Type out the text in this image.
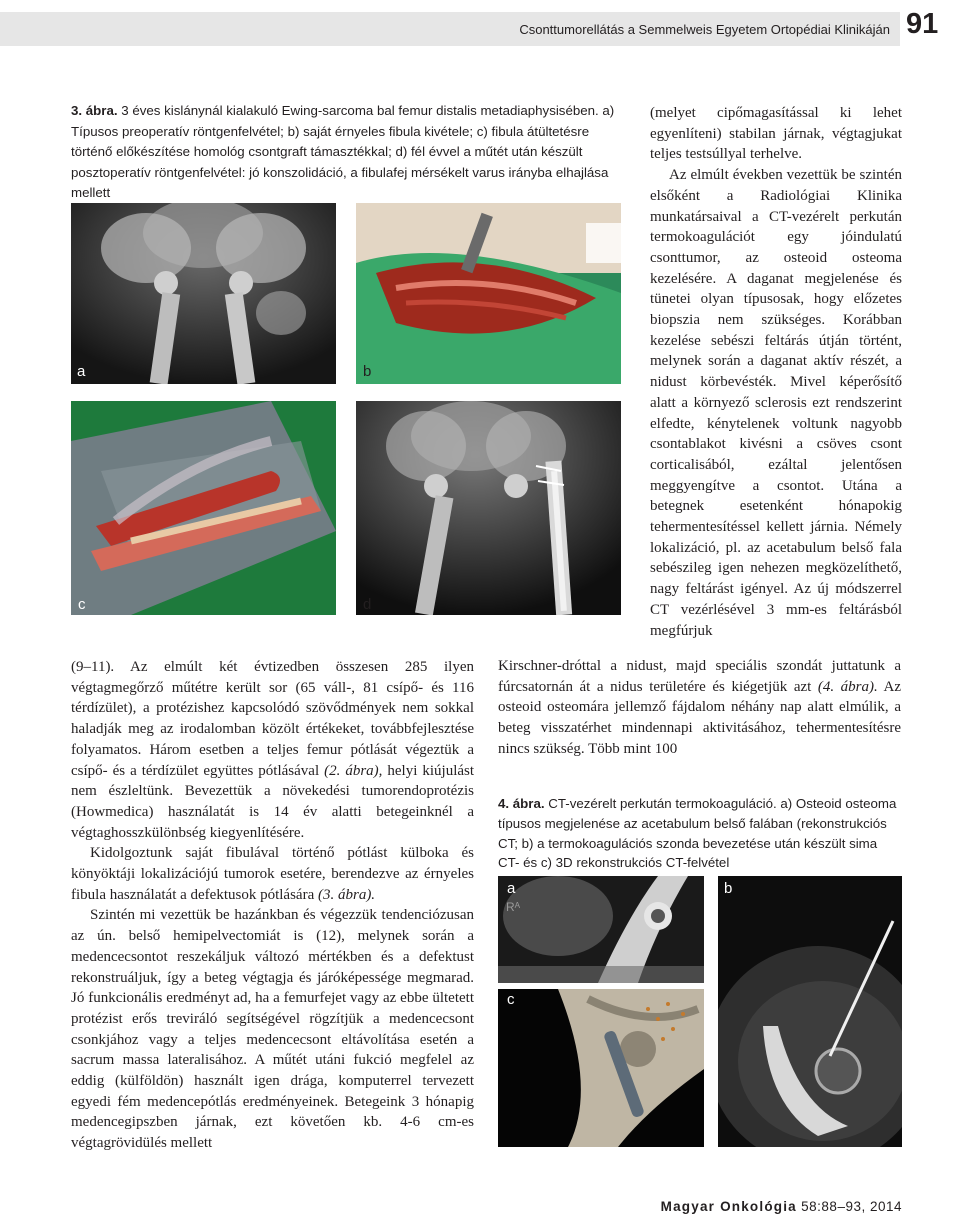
Csonttumorellátás a Semmelweis Egyetem Ortopédiai Klinikáján 91
3. ábra. 3 éves kislánynál kialakuló Ewing-sarcoma bal femur distalis metadiaphysisében. a) Típusos preoperatív röntgenfelvétel; b) saját érnyeles fibula kivétele; c) fibula átültetésre történő előkészítése homológ csontgraft támasztékkal; d) fél évvel a műtét után készült posztoperatív röntgenfelvétel: jó konszolidáció, a fibulafej mérsékelt varus irányba elhajlása mellett
a	b
c	d

(9–11). Az elmúlt két évtizedben összesen 285 ilyen végtagmegőrző műtétre került sor (65 váll-, 81 csípő- és 116 térdízület), a protézishez kapcsolódó szövődmények nem sokkal haladják meg az irodalomban közölt értékeket, továbbfejlesztése folyamatos. Három esetben a teljes femur pótlását végeztük a csípő- és a térdízület együttes pótlásával (2. ábra), helyi kiújulást nem észleltünk. Bevezettük a növekedési tumorendoprotézis (Howmedica) használatát is 14 év alatti betegeinknél a végtaghosszkülönbség kiegyenlítésére.

Kidolgoztunk saját fibulával történő pótlást külboka és könyöktáji lokalizációjú tumorok esetére, berendezve az érnyeles fibula használatát a defektusok pótlására (3. ábra).

Szintén mi vezettük be hazánkban és végezzük tendenciózusan az ún. belső hemipelvectomiát is (12), melynek során a medencecsontot reszekáljuk változó mértékben és a defektust rekonstruáljuk, így a beteg végtagja és járóképessége megmarad. Jó funkcionális eredményt ad, ha a femurfejet vagy az ebbe ültetett protézist erős treviráló segítségével rögzítjük a medencecsont csonkjához vagy a teljes medencecsont eltávolítása esetén a sacrum massa lateralisához. A műtét utáni fukció megfelel az eddig (külföldön) használt igen drága, komputerrel tervezett egyedi fém medencepótlás eredményeinek. Betegeink 3 hónapig medencegipszben járnak, ezt követően kb. 4-6 cm-es végtagrövidülés mellett

(melyet cipőmagasítással ki lehet egyenlíteni) stabilan járnak, végtagjukat teljes testsúllyal terhelve.

Az elmúlt években vezettük be szintén elsőként a Radiológiai Klinika munkatársaival a CT-vezérelt perkután termokoagulációt egy jóindulatú csonttumor, az osteoid osteoma kezelésére. A daganat megjelenése és tünetei olyan típusosak, hogy előzetes biopszia nem szükséges. Korábban kezelése sebészi feltárás útján történt, melynek során a daganat aktív részét, a nidust körbevésték. Mivel képerősítő alatt a környező sclerosis ezt rendszerint elfedte, kénytelenek voltunk nagyobb csontablakot kivésni a csöves csont corticalisából, ezáltal jelentősen meggyengítve a csontot. Utána a betegnek esetenként hónapokig tehermentesítéssel kellett járnia. Némely lokalizáció, pl. az acetabulum belső fala sebészileg igen nehezen megközelíthető, nagy feltárást igényel. Az új módszerrel CT vezérlésével 3 mm-es feltárásból megfúrjuk

Kirschner-dróttal a nidust, majd speciális szondát juttatunk a fúrcsatornán át a nidus területére és kiégetjük azt (4. ábra). Az osteoid osteomára jellemző fájdalom néhány nap alatt elmúlik, a beteg visszatérhet mindennapi aktivitásához, tehermentesítésre nincs szükség. Több mint 100

4. ábra. CT-vezérelt perkután termokoaguláció. a) Osteoid osteoma típusos megjelenése az acetabulum belső falában (rekonstrukciós CT; b) a termokoagulációs szonda bevezetése után készült sima CT- és c) 3D rekonstrukciós CT-felvétel
a
Rᴬ
b
c
Magyar Onkológia 58:88–93, 2014
